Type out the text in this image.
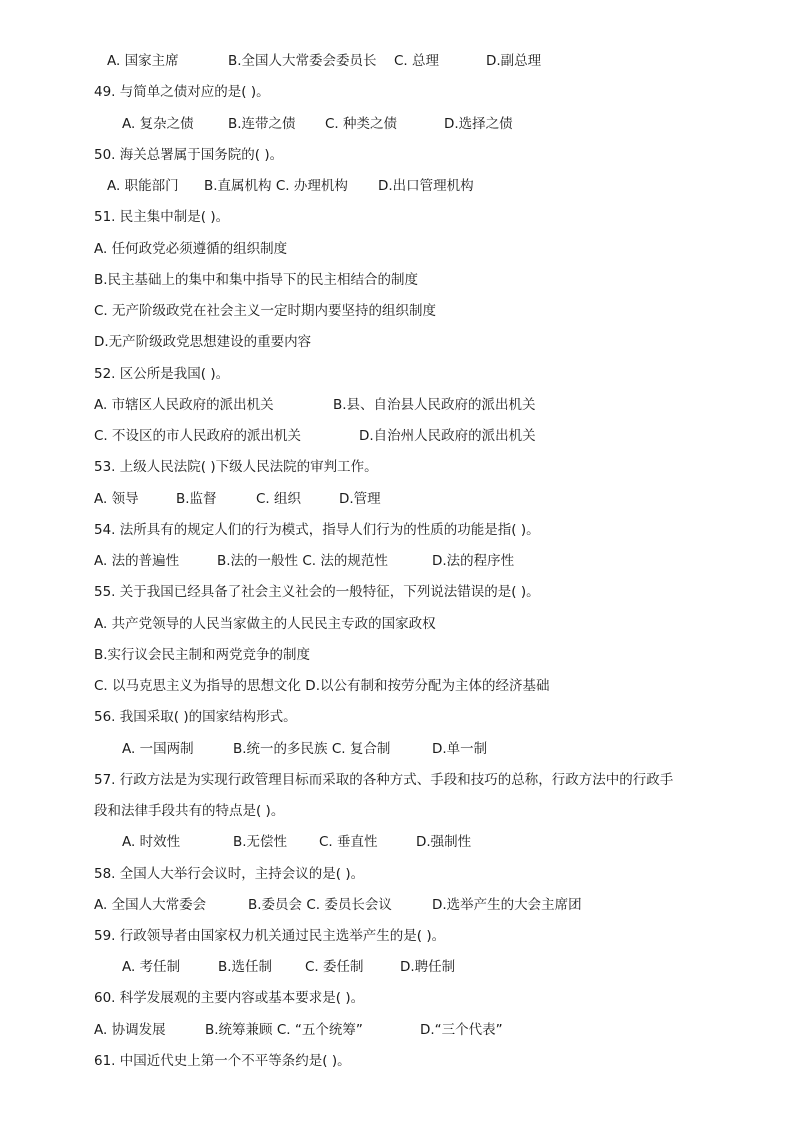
A. 国家主席	B.全国人大常委会委员长 C. 总理	D.副总理
49. 与简单之债对应的是( )。
A. 复杂之债	B.连带之债 C. 种类之债	D.选择之债
50. 海关总署属于国务院的( )。
A. 职能部门 B.直属机构 C. 办理机构 D.出口管理机构
51. 民主集中制是( )。
A. 任何政党必须遵循的组织制度
B.民主基础上的集中和集中指导下的民主相结合的制度
C. 无产阶级政党在社会主义一定时期内要坚持的组织制度
D.无产阶级政党思想建设的重要内容
52. 区公所是我国( )。
A. 市辖区人民政府的派出机关	B.县、自治县人民政府的派出机关
C. 不设区的市人民政府的派出机关	D.自治州人民政府的派出机关
53. 上级人民法院( )下级人民法院的审判工作。
A. 领导	B.监督	C. 组织	D.管理
54. 法所具有的规定人们的行为模式，指导人们行为的性质的功能是指( )。
A. 法的普遍性	B.法的一般性 C. 法的规范性	D.法的程序性
55. 关于我国已经具备了社会主义社会的一般特征，下列说法错误的是( )。
A. 共产党领导的人民当家做主的人民民主专政的国家政权
B.实行议会民主制和两党竞争的制度
C. 以马克思主义为指导的思想文化 D.以公有制和按劳分配为主体的经济基础
56. 我国采取( )的国家结构形式。
A. 一国两制	B.统一的多民族 C. 复合制	D.单一制
57. 行政方法是为实现行政管理目标而采取的各种方式、手段和技巧的总称，行政方法中的行政手
段和法律手段共有的特点是( )。
A. 时效性	B.无偿性 C. 垂直性	D.强制性
58. 全国人大举行会议时，主持会议的是( )。
A. 全国人大常委会	B.委员会 C. 委员长会议	D.选举产生的大会主席团
59. 行政领导者由国家权力机关通过民主选举产生的是( )。
A. 考任制	B.选任制 C. 委任制	D.聘任制
60. 科学发展观的主要内容或基本要求是( )。
A. 协调发展	B.统筹兼顾 C. “五个统筹”	D.“三个代表”
61. 中国近代史上第一个不平等条约是( )。
